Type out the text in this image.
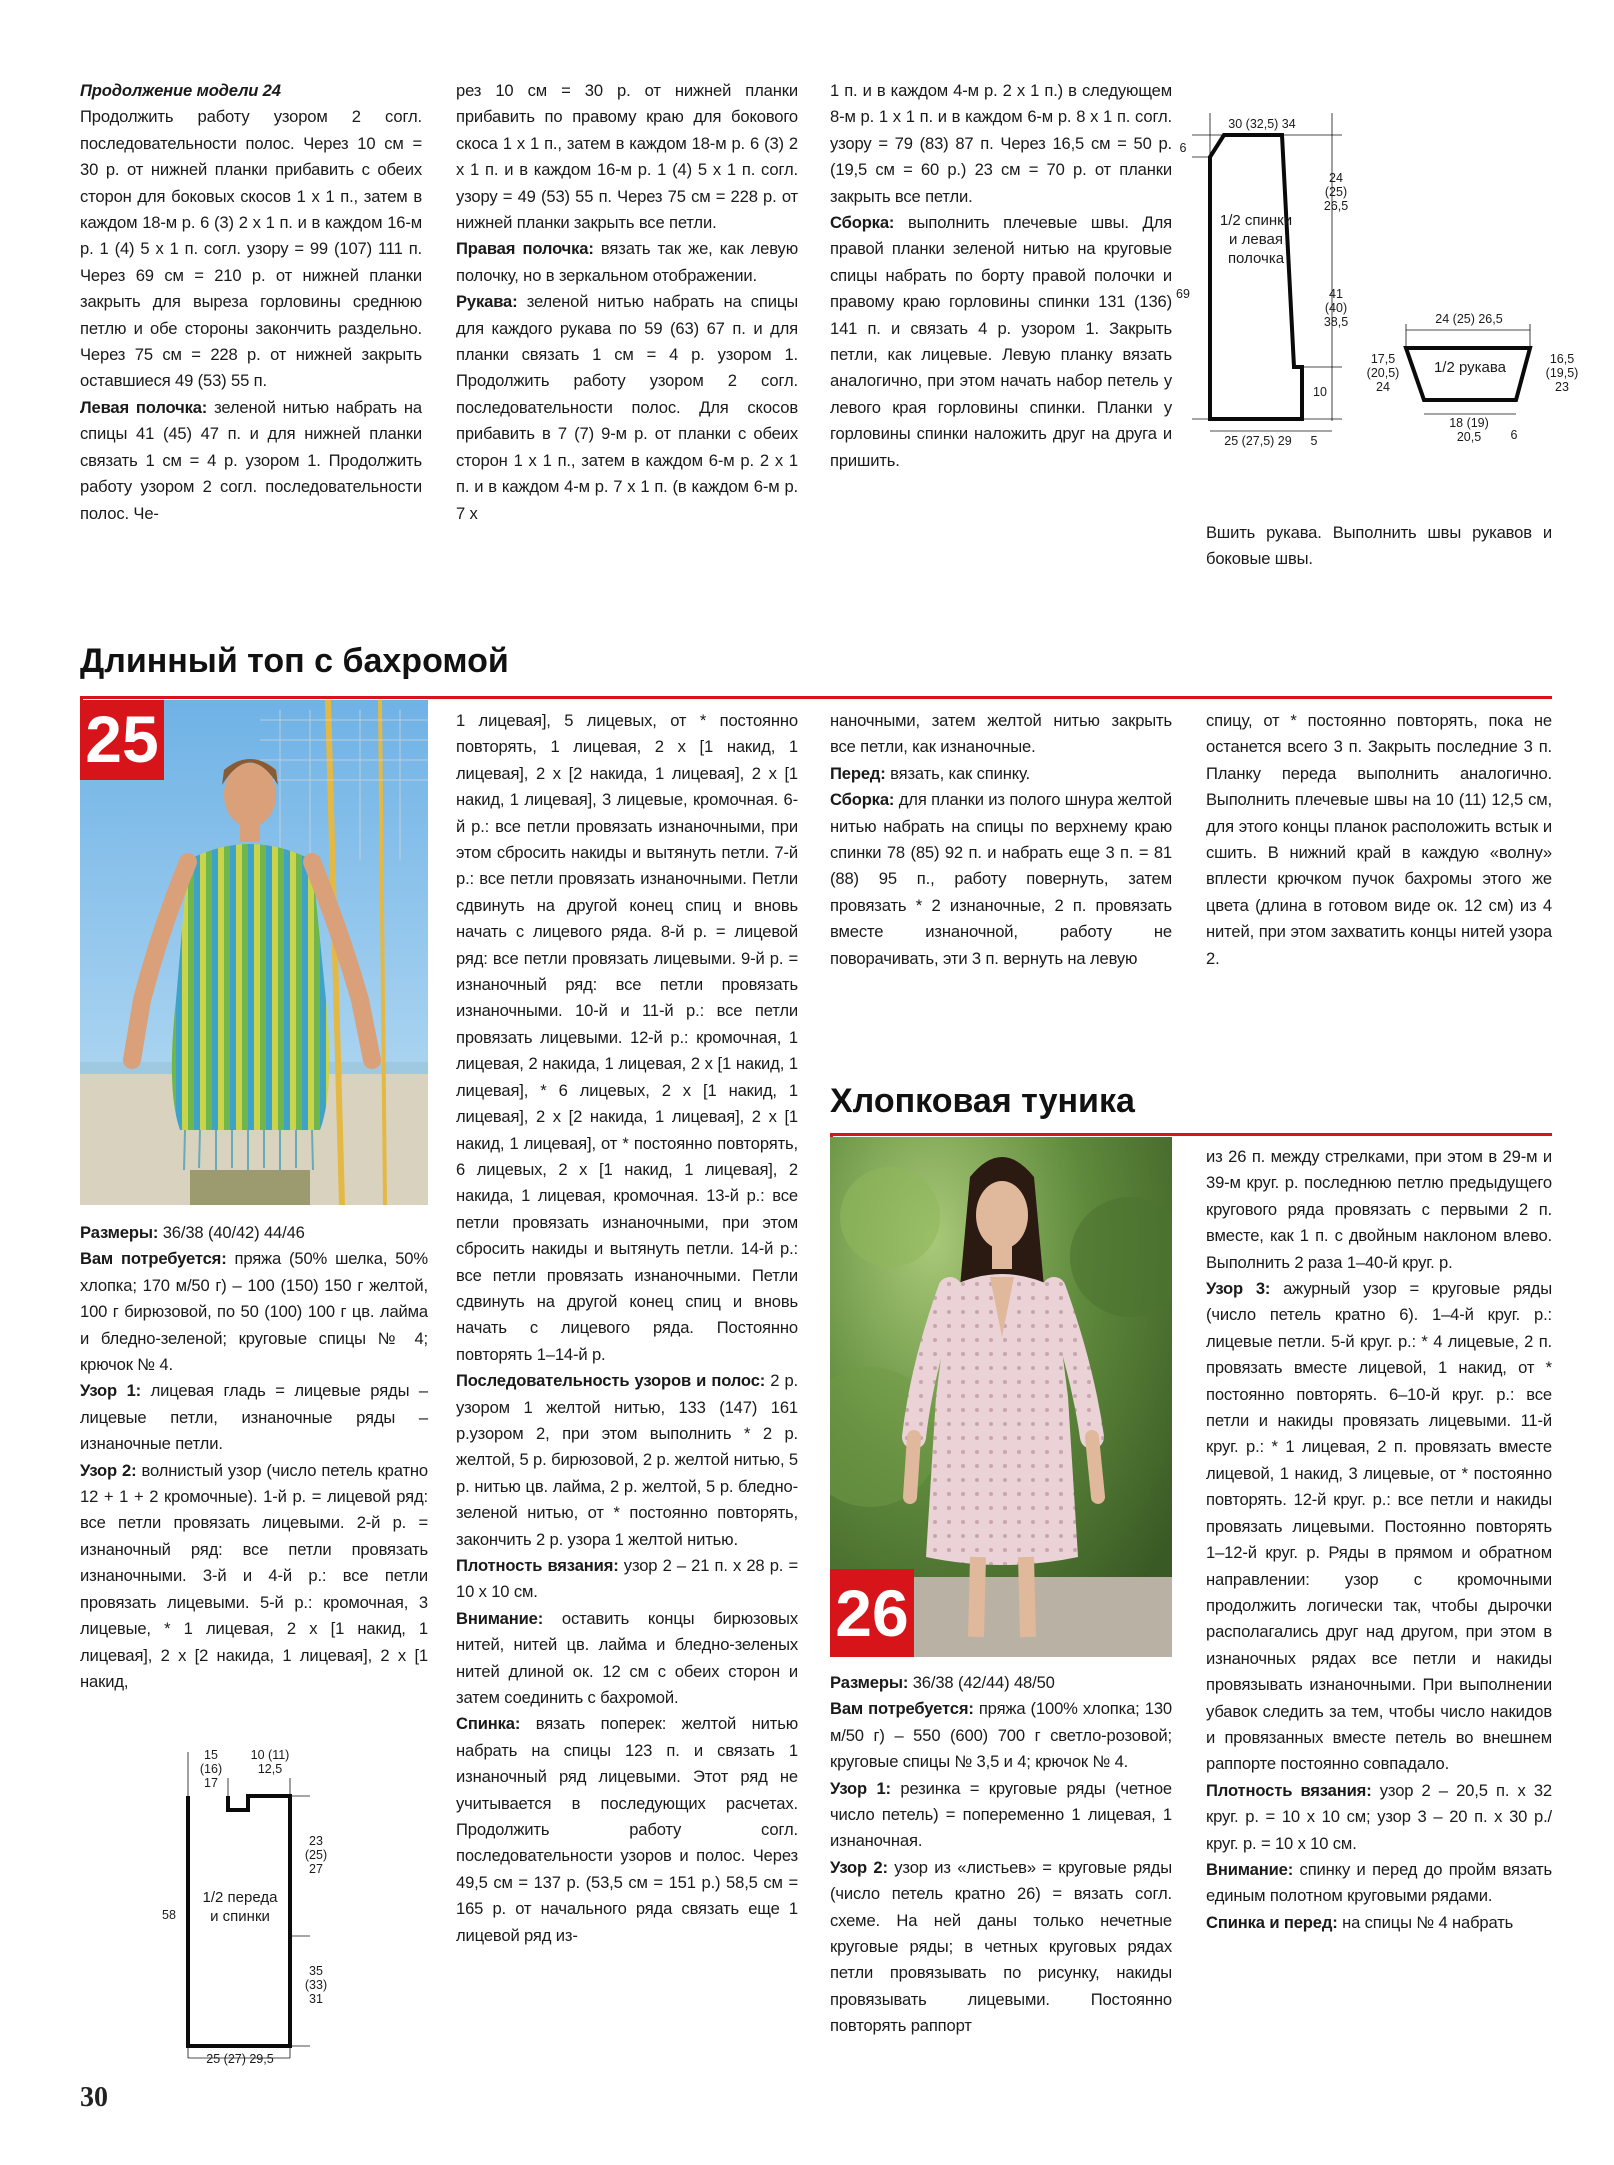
Продолжение модели 24

Продолжить работу узором 2 согл. последовательности полос. Через 10 см = 30 р. от нижней планки прибавить с обеих сторон для боковых скосов 1 х 1 п., затем в каждом 18-м р. 6 (3) 2 х 1 п. и в каждом 16-м р. 1 (4) 5 х 1 п. согл. узору = 99 (107) 111 п. Через 69 см = 210 р. от нижней планки закрыть для выреза горловины среднюю петлю и обе стороны закончить раздельно. Через 75 см = 228 р. от нижней закрыть оставшиеся 49 (53) 55 п.

Левая полочка: зеленой нитью набрать на спицы 41 (45) 47 п. и для нижней планки связать 1 см = 4 р. узором 1. Продолжить работу узором 2 согл. последовательности полос. Че-

рез 10 см = 30 р. от нижней планки прибавить по правому краю для бокового скоса 1 х 1 п., затем в каждом 18-м р. 6 (3) 2 х 1 п. и в каждом 16-м р. 1 (4) 5 х 1 п. согл. узору = 49 (53) 55 п. Через 75 см = 228 р. от нижней планки закрыть все петли.

Правая полочка: вязать так же, как левую полочку, но в зеркальном отображении.

Рукава: зеленой нитью набрать на спицы для каждого рукава по 59 (63) 67 п. и для планки связать 1 см = 4 р. узором 1. Продолжить работу узором 2 согл. последовательности полос. Для скосов прибавить в 7 (7) 9-м р. от планки с обеих сторон 1 х 1 п., затем в каждом 6-м р. 2 х 1 п. и в каждом 4-м р. 7 х 1 п. (в каждом 6-м р. 7 х

1 п. и в каждом 4-м р. 2 х 1 п.) в следующем 8-м р. 1 х 1 п. и в каждом 6-м р. 8 х 1 п. согл. узору = 79 (83) 87 п. Через 16,5 см = 50 р. (19,5 см = 60 р.) 23 см = 70 р. от планки закрыть все петли.

Сборка: выполнить плечевые швы. Для правой планки зеленой нитью на круговые спицы набрать по борту правой полочки и правому краю горловины спинки 131 (136) 141 п. и связать 4 р. узором 1. Закрыть петли, как лицевые. Левую планку вязать аналогично, при этом начать набор петель у левого края горловины спинки. Планки у горловины спинки наложить друг на друга и пришить.

30 (32,5) 34
6
69
1/2 спинки и левая полочка
24 (25) 26,5
41 (40) 38,5
10
25 (27,5) 29	5
24 (25) 26,5
17,5 (20,5) 24
1/2 рукава	16,5 (19,5) 23
18 (19) 20,5	6

Вшить рукава. Выполнить швы рукавов и боковые швы.

Длинный топ с бахромой
25

Размеры: 36/38 (40/42) 44/46

Вам потребуется: пряжа (50% шелка, 50% хлопка; 170 м/50 г) – 100 (150) 150 г желтой, 100 г бирюзовой, по 50 (100) 100 г цв. лайма и бледно-зеленой; круговые спицы № 4; крючок № 4.

Узор 1: лицевая гладь = лицевые ряды – лицевые петли, изнаночные ряды – изнаночные петли.

Узор 2: волнистый узор (число петель кратно 12 + 1 + 2 кромочные). 1-й р. = лицевой ряд: все петли провязать лицевыми. 2-й р. = изнаночный ряд: все петли провязать изнаночными. 3-й и 4-й р.: все петли провязать лицевыми. 5-й р.: кромочная, 3 лицевые, * 1 лицевая, 2 х [1 накид, 1 лицевая], 2 х [2 накида, 1 лицевая], 2 х [1 накид,

15 (16) 17
10 (11) 12,5
58
1/2 переда и спинки
23 (25) 27
35 (33) 31
25 (27) 29,5

1 лицевая], 5 лицевых, от * постоянно повторять, 1 лицевая, 2 х [1 накид, 1 лицевая], 2 х [2 накида, 1 лицевая], 2 х [1 накид, 1 лицевая], 3 лицевые, кромочная. 6-й р.: все петли провязать изнаночными, при этом сбросить накиды и вытянуть петли. 7-й р.: все петли провязать изнаночными. Петли сдвинуть на другой конец спиц и вновь начать с лицевого ряда. 8-й р. = лицевой ряд: все петли провязать лицевыми. 9-й р. = изнаночный ряд: все петли провязать изнаночными. 10-й и 11-й р.: все петли провязать лицевыми. 12-й р.: кромочная, 1 лицевая, 2 накида, 1 лицевая, 2 х [1 накид, 1 лицевая], * 6 лицевых, 2 х [1 накид, 1 лицевая], 2 х [2 накида, 1 лицевая], 2 х [1 накид, 1 лицевая], от * постоянно повторять, 6 лицевых, 2 х [1 накид, 1 лицевая], 2 накида, 1 лицевая, кромочная. 13-й р.: все петли провязать изнаночными, при этом сбросить накиды и вытянуть петли. 14-й р.: все петли провязать изнаночными. Петли сдвинуть на другой конец спиц и вновь начать с лицевого ряда. Постоянно повторять 1–14-й р.

Последовательность узоров и полос: 2 р. узором 1 желтой нитью, 133 (147) 161 р.узором 2, при этом выполнить * 2 р. желтой, 5 р. бирюзовой, 2 р. желтой нитью, 5 р. нитью цв. лайма, 2 р. желтой, 5 р. бледно-зеленой нитью, от * постоянно повторять, закончить 2 р. узора 1 желтой нитью.

Плотность вязания: узор 2 – 21 п. х 28 р. = 10 х 10 см.

Внимание: оставить концы бирюзовых нитей, нитей цв. лайма и бледно-зеленых нитей длиной ок. 12 см с обеих сторон и затем соединить с бахромой.

Спинка: вязать поперек: желтой нитью набрать на спицы 123 п. и связать 1 изнаночный ряд лицевыми. Этот ряд не учитывается в последующих расчетах. Продолжить работу согл. последовательности узоров и полос. Через 49,5 см = 137 р. (53,5 см = 151 р.) 58,5 см = 165 р. от начального ряда связать еще 1 лицевой ряд из-

наночными, затем желтой нитью закрыть все петли, как изнаночные.

Перед: вязать, как спинку.

Сборка: для планки из полого шнура желтой нитью набрать на спицы по верхнему краю спинки 78 (85) 92 п. и набрать еще 3 п. = 81 (88) 95 п., работу повернуть, затем провязать * 2 изнаночные, 2 п. провязать вместе изнаночной, работу не поворачивать, эти 3 п. вернуть на левую

спицу, от * постоянно повторять, пока не останется всего 3 п. Закрыть последние 3 п. Планку переда выполнить аналогично. Выполнить плечевые швы на 10 (11) 12,5 см, для этого концы планок расположить встык и сшить. В нижний край в каждую «волну» вплести крючком пучок бахромы этого же цвета (длина в готовом виде ок. 12 см) из 4 нитей, при этом захватить концы нитей узора 2.

Хлопковая туника
26

Размеры: 36/38 (42/44) 48/50

Вам потребуется: пряжа (100% хлопка; 130 м/50 г) – 550 (600) 700 г светло-розовой; круговые спицы № 3,5 и 4; крючок № 4.

Узор 1: резинка = круговые ряды (четное число петель) = попеременно 1 лицевая, 1 изнаночная.

Узор 2: узор из «листьев» = круговые ряды (число петель кратно 26) = вязать согл. схеме. На ней даны только нечетные круговые ряды; в четных круговых рядах петли провязывать по рисунку, накиды провязывать лицевыми. Постоянно повторять раппорт

из 26 п. между стрелками, при этом в 29-м и 39-м круг. р. последнюю петлю предыдущего кругового ряда провязать с первыми 2 п. вместе, как 1 п. с двойным наклоном влево. Выполнить 2 раза 1–40-й круг. р.

Узор 3: ажурный узор = круговые ряды (число петель кратно 6). 1–4-й круг. р.: лицевые петли. 5-й круг. р.: * 4 лицевые, 2 п. провязать вместе лицевой, 1 накид, от * постоянно повторять. 6–10-й круг. р.: все петли и накиды провязать лицевыми. 11-й круг. р.: * 1 лицевая, 2 п. провязать вместе лицевой, 1 накид, 3 лицевые, от * постоянно повторять. 12-й круг. р.: все петли и накиды провязать лицевыми. Постоянно повторять 1–12-й круг. р. Ряды в прямом и обратном направлении: узор с кромочными продолжить логически так, чтобы дырочки располагались друг над другом, при этом в изнаночных рядах все петли и накиды провязывать изнаночными. При выполнении убавок следить за тем, чтобы число накидов и провязанных вместе петель во внешнем раппорте постоянно совпадало.

Плотность вязания: узор 2 – 20,5 п. х 32 круг. р. = 10 х 10 см; узор 3 – 20 п. х 30 р./круг. р. = 10 х 10 см.

Внимание: спинку и перед до пройм вязать единым полотном круговыми рядами.

Спинка и перед: на спицы № 4 набрать

30
